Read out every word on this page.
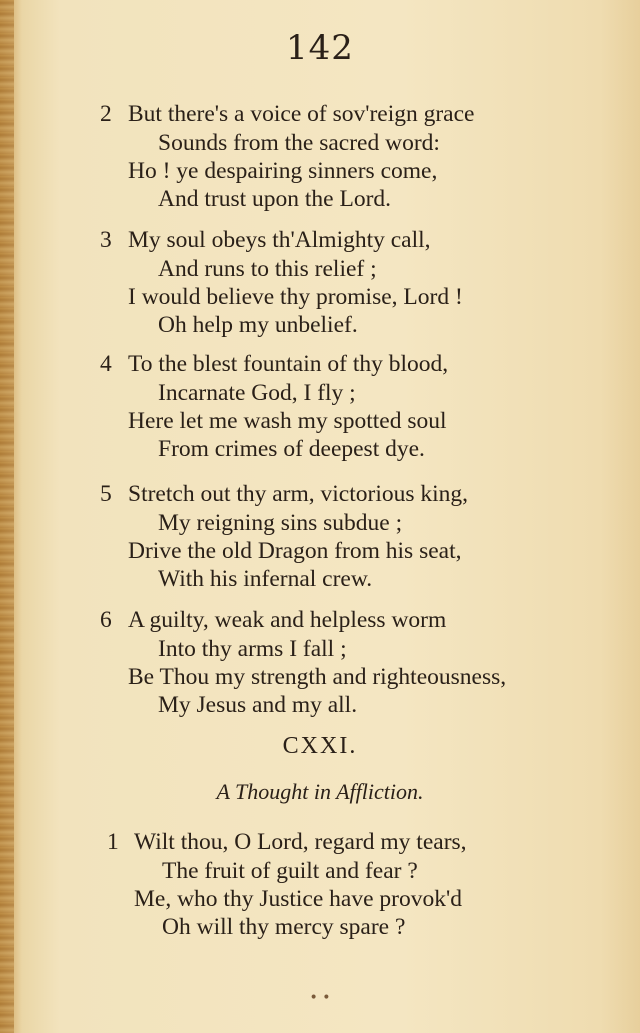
142
2 But there's a voice of sov'reign grace
Sounds from the sacred word:
Ho ! ye despairing sinners come,
And trust upon the Lord.
3 My soul obeys th'Almighty call,
And runs to this relief ;
I would believe thy promise, Lord !
Oh help my unbelief.
4 To the blest fountain of thy blood,
Incarnate God, I fly ;
Here let me wash my spotted soul
From crimes of deepest dye.
5 Stretch out thy arm, victorious king,
My reigning sins subdue ;
Drive the old Dragon from his seat,
With his infernal crew.
6 A guilty, weak and helpless worm
Into thy arms I fall ;
Be Thou my strength and righteousness,
My Jesus and my all.
CXXI.
A Thought in Affliction.
1 Wilt thou, O Lord, regard my tears,
The fruit of guilt and fear ?
Me, who thy Justice have provok'd
Oh will thy mercy spare ?
• •
